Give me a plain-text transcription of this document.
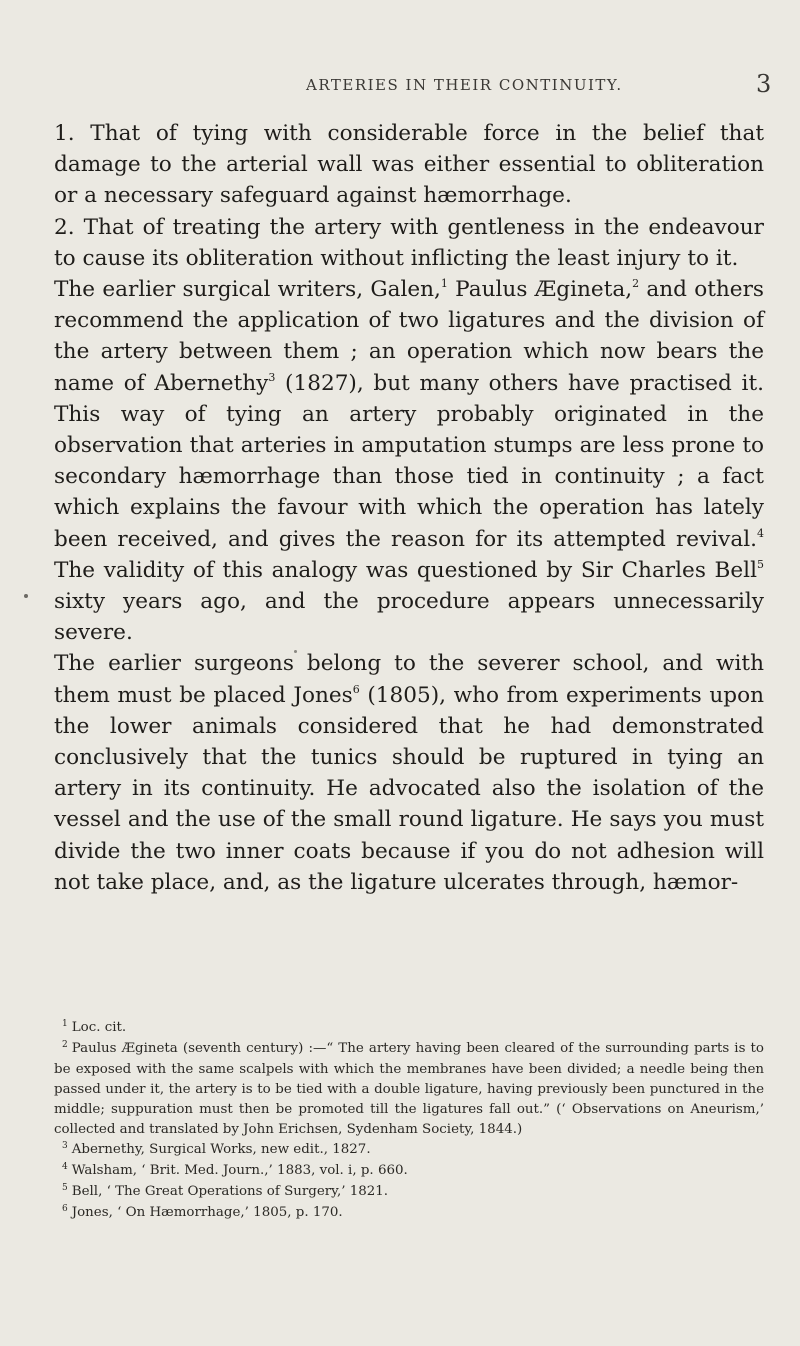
ARTERIES IN THEIR CONTINUITY.	3

1. That of tying with considerable force in the belief that damage to the arterial wall was either essential to obliteration or a necessary safeguard against hæmorrhage.

2. That of treating the artery with gentleness in the endeavour to cause its obliteration without inflicting the least injury to it.

The earlier surgical writers, Galen,$^1$ Paulus Ægineta,$^2$ and others recommend the application of two ligatures and the division of the artery between them ; an operation which now bears the name of Abernethy$^3$ (1827), but many others have practised it. This way of tying an artery probably originated in the observation that arteries in amputation stumps are less prone to secondary hæmorrhage than those tied in continuity ; a fact which explains the favour with which the operation has lately been received, and gives the reason for its attempted revival.$^4$ The validity of this analogy was questioned by Sir Charles Bell$^5$ sixty years ago, and the procedure appears unnecessarily severe.

The earlier surgeons belong to the severer school, and with them must be placed Jones$^6$ (1805), who from experiments upon the lower animals considered that he had demonstrated conclusively that the tunics should be ruptured in tying an artery in its continuity. He advocated also the isolation of the vessel and the use of the small round ligature. He says you must divide the two inner coats because if you do not adhesion will not take place, and, as the ligature ulcerates through, hæmor-

$^1$ Loc. cit.

$^2$ Paulus Ægineta (seventh century) :—“ The artery having been cleared of the surrounding parts is to be exposed with the same scalpels with which the membranes have been divided; a needle being then passed under it, the artery is to be tied with a double ligature, having previously been punctured in the middle; suppuration must then be promoted till the ligatures fall out.” (‘ Observations on Aneurism,’ collected and translated by John Erichsen, Sydenham Society, 1844.)

$^3$ Abernethy, Surgical Works, new edit., 1827.

$^4$ Walsham, ‘ Brit. Med. Journ.,’ 1883, vol. i, p. 660.

$^5$ Bell, ‘ The Great Operations of Surgery,’ 1821.

$^6$ Jones, ‘ On Hæmorrhage,’ 1805, p. 170.
